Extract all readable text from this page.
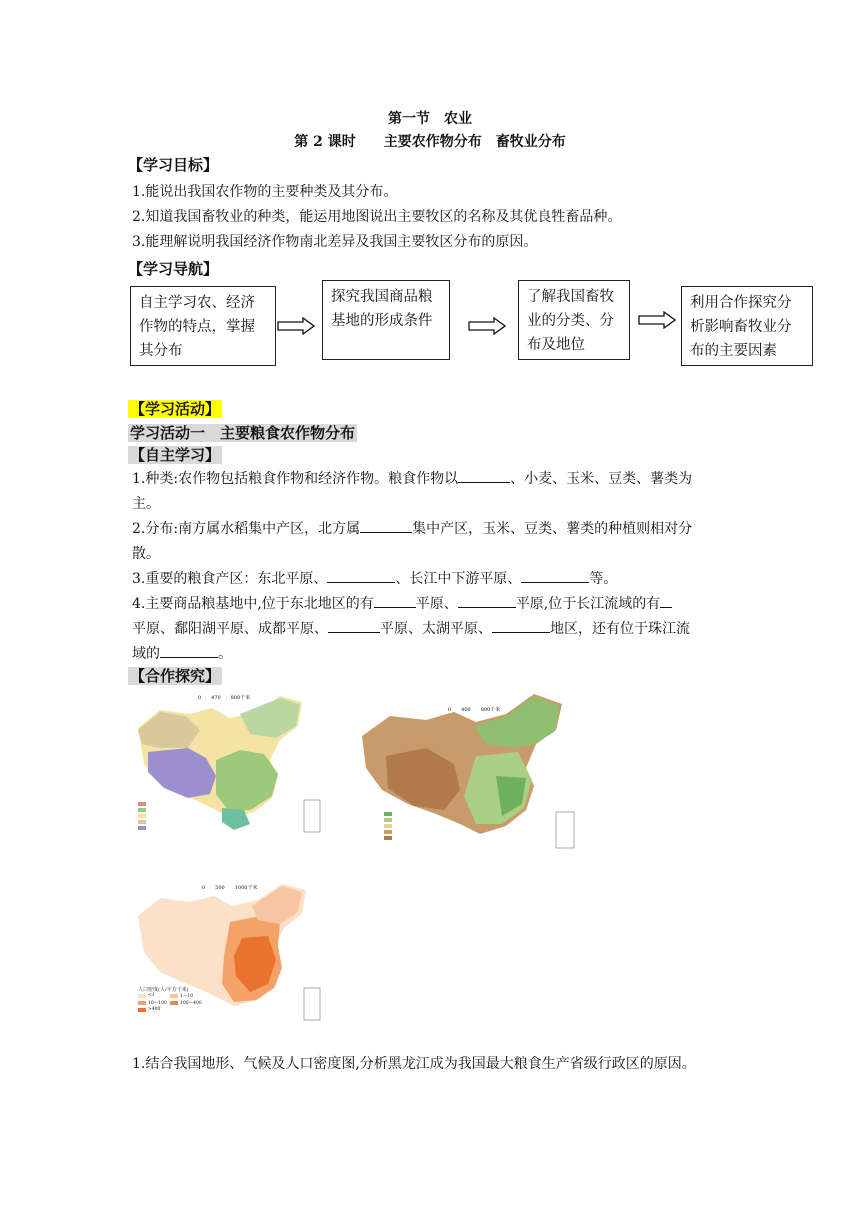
第一节　农业
第 2 课时　　主要农作物分布　畜牧业分布
【学习目标】
1.能说出我国农作物的主要种类及其分布。
2.知道我国畜牧业的种类，能运用地图说出主要牧区的名称及其优良牲畜品种。
3.能理解说明我国经济作物南北差异及我国主要牧区分布的原因。
【学习导航】
自主学习农、经济作物的特点，掌握其分布
探究我国商品粮基地的形成条件
了解我国畜牧业的分类、分布及地位
利用合作探究分析影响畜牧业分布的主要因素
【学习活动】
学习活动一　主要粮食农作物分布
【自主学习】
1.种类:农作物包括粮食作物和经济作物。粮食作物以	、小麦、玉米、豆类、薯类为
主。
2.分布:南方属水稻集中产区，北方属	集中产区，玉米、豆类、薯类的种植则相对分
散。
3.重要的粮食产区：东北平原、	、长江中下游平原、	等。
4.主要商品粮基地中,位于东北地区的有	平原、	平原,位于长江流域的有
平原、鄱阳湖平原、成都平原、	平原、太湖平原、	地区，还有位于珠江流
域的	。
【合作探究】
0　　470　　800千米
0　　400　　800千米
0　　500　　1000千米
人口密度(人/平方千米)
<1	1～10
10～100	100～400
>400
1.结合我国地形、气候及人口密度图,分析黑龙江成为我国最大粮食生产省级行政区的原因。
